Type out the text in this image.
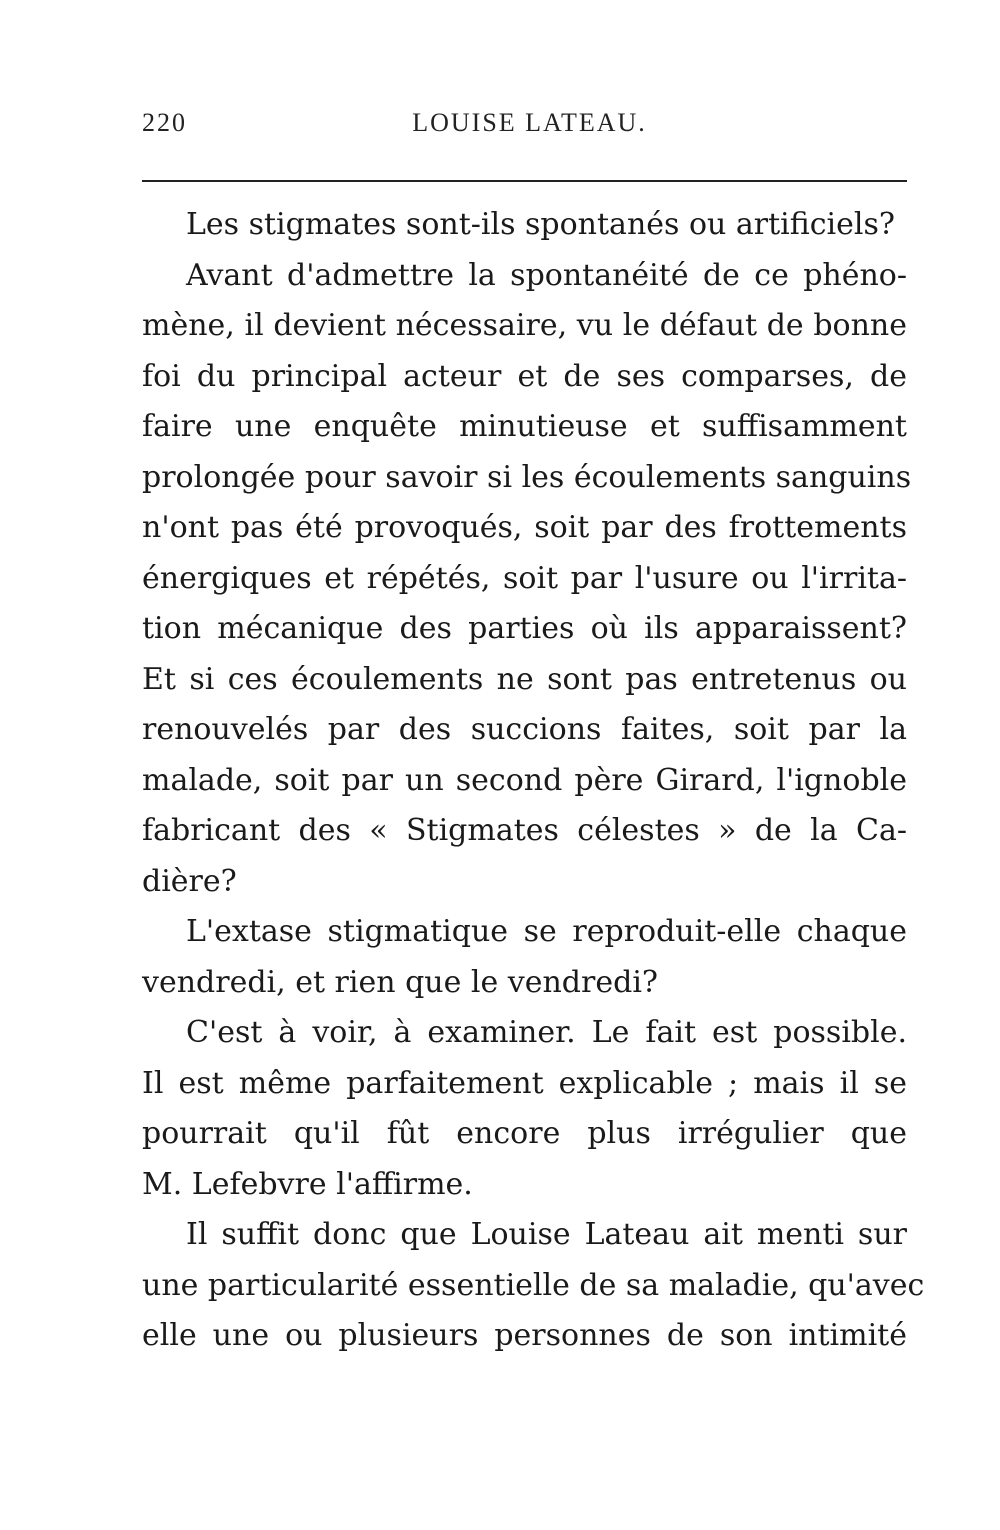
220	LOUISE LATEAU.
Les stigmates sont-ils spontanés ou artificiels?
Avant d'admettre la spontanéité de ce phéno-
mène, il devient nécessaire, vu le défaut de bonne
foi du principal acteur et de ses comparses, de
faire une enquête minutieuse et suffisamment
prolongée pour savoir si les écoulements sanguins
n'ont pas été provoqués, soit par des frottements
énergiques et répétés, soit par l'usure ou l'irrita-
tion mécanique des parties où ils apparaissent?
Et si ces écoulements ne sont pas entretenus ou
renouvelés par des succions faites, soit par la
malade, soit par un second père Girard, l'ignoble
fabricant des « Stigmates célestes » de la Ca-
dière?
L'extase stigmatique se reproduit-elle chaque
vendredi, et rien que le vendredi?
C'est à voir, à examiner. Le fait est possible.
Il est même parfaitement explicable ; mais il se
pourrait qu'il fût encore plus irrégulier que
M. Lefebvre l'affirme.
Il suffit donc que Louise Lateau ait menti sur
une particularité essentielle de sa maladie, qu'avec
elle une ou plusieurs personnes de son intimité
